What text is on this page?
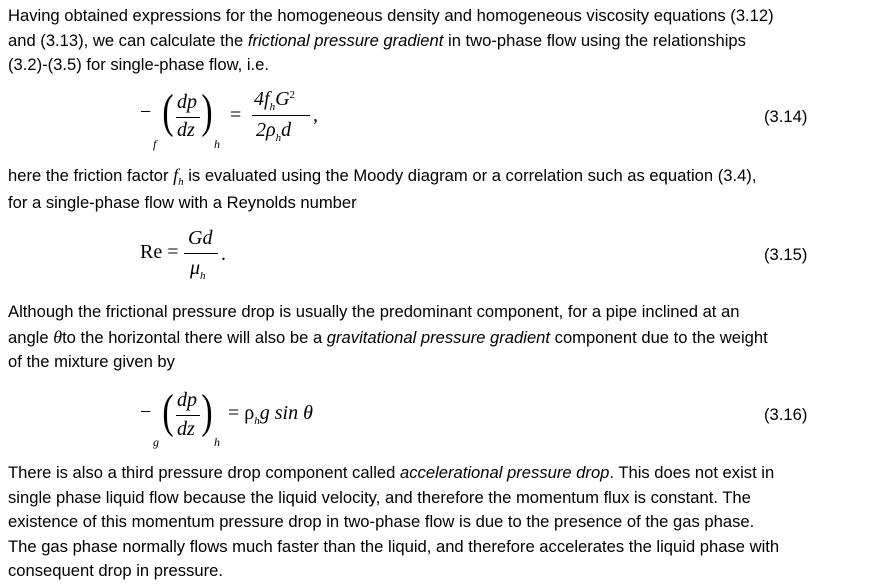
Having obtained expressions for the homogeneous density and homogeneous viscosity equations (3.12)
and (3.13), we can calculate the frictional pressure gradient in two-phase flow using the relationships
(3.2)-(3.5) for single-phase flow, i.e.
− ( dp
dz )
f	h
=
$4f_hG^2$
$2\rho_hd$
,	(3.14)
here the friction factor $f_h$ is evaluated using the Moody diagram or a correlation such as equation (3.4),
for a single-phase flow with a Reynolds number
Re =
Gd
$\mu_h$
.	(3.15)
Although the frictional pressure drop is usually the predominant component, for a pipe inclined at an
angle θto the horizontal there will also be a gravitational pressure gradient component due to the weight
of the mixture given by
− ( dp
dz )
g	h
= $\rho_hg$ sin θ	(3.16)
There is also a third pressure drop component called accelerational pressure drop. This does not exist in
single phase liquid flow because the liquid velocity, and therefore the momentum flux is constant. The
existence of this momentum pressure drop in two-phase flow is due to the presence of the gas phase.
The gas phase normally flows much faster than the liquid, and therefore accelerates the liquid phase with
consequent drop in pressure.
